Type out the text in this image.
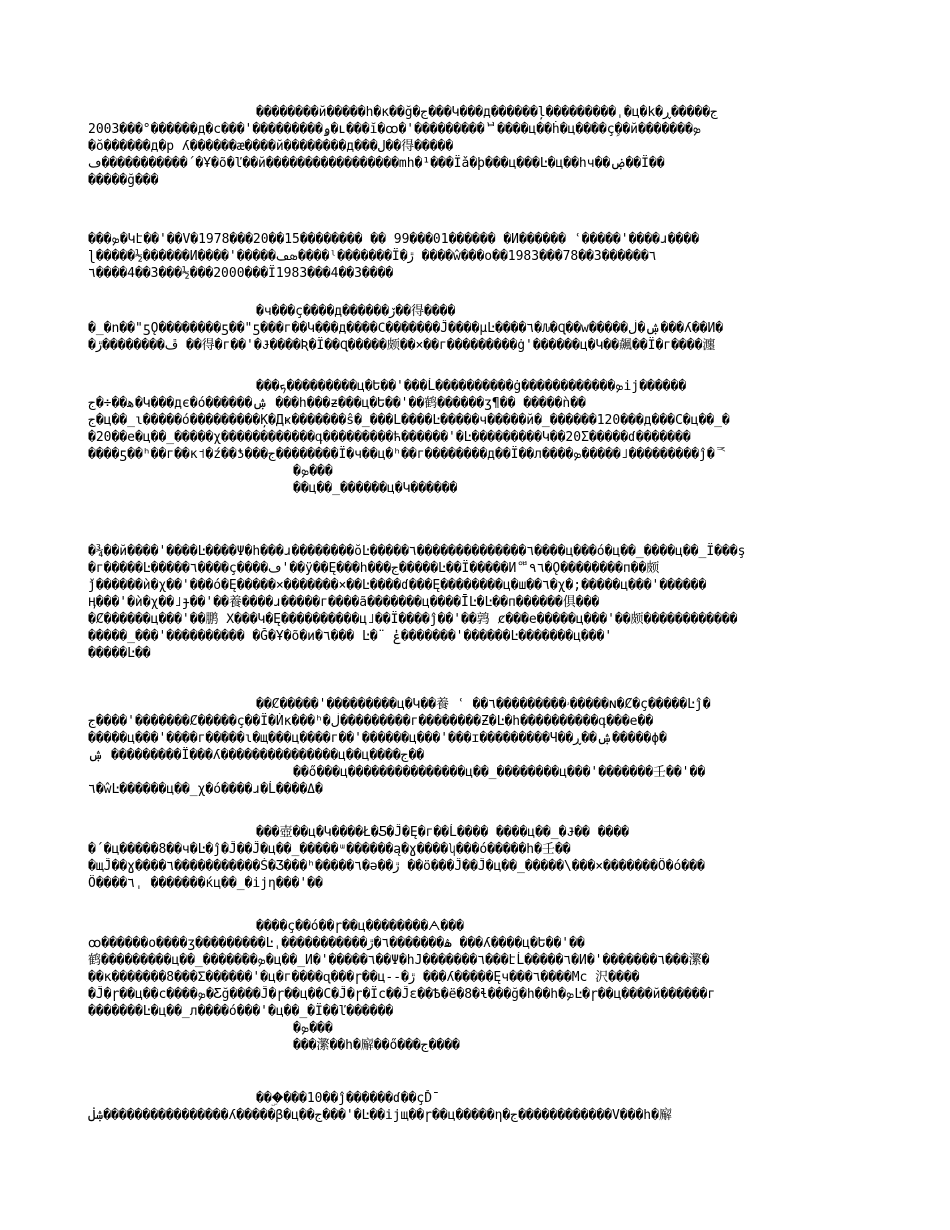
��������й�����h�к��ğ�ج���Կ���д������ļ���������ˌ�ц�k�ج�����ڕ
2003���°������д�с���'���������ۅ�ʟ���ĭ�ꝏ�'���������ᄇ����ц��ḣ�ц����çܹ��й�������ܤ
�ŏ������д�р ʎ������æ����й��������д���ل��得�����
ڡ�����������´�Ұ�õ�ľ��й�����������������mh�¹���Ϊǎ�ϸ���ц���Ŀ�ц��hч��ۻ��Ϊ��
�����ğ���
���ܤ�Կէ��'��V�1978���20��15�������� �� 99���01������ �И������ ʿ�����'����ɹ����
ɭ�����½������И����'�����ܤڡ����ˡ�������Ϊ�ڙ ����ŵ���о��1983���78��3������٦
٦����4��3���½���2000���Ϊ1983���4��3����
�ч���ç����д������ڒ��得����
�_�n��"ƽǪ��������ƽ��"ƽ���г��Կ���д����Ϲ�������Ĵ����µĿ����٦�Ԉ�Ɋ��w�����ۺ�ڶ���ʎ��И�
�ڦ��������ڙ ��得�г��'�Ɉ����Ʀ�Ϊ��Ɋ�����颇��×��г���������ġ'������ц�Կ��飆��Ϊ�г����瀍
���ܟ���������ц�Ե��'���Ĺ����������ġ������������ܤij������
ﻫ��÷�ج�Կ���дє�ó������ۺ ���h���ƶ���ц�Ե��'��鹤������ʒ¶�� �����ǹ��
ج�ц��_ɩ�����ó���������Ķ�Дҝ�������ŝ�_���L����Ŀ�����ч�����й�_������120���д���С�ц��_�
�20��e�ц��_�����χ������������գ���������ћ������'�Ŀ���������Կ��20Ʃ�����ɗ�������
����ƽ��ʰ��г��к˦�ź��ƾ���ج��������Ϊ�ч��ц�ʰ��г��������д��Ϊ��л����ܤ�����˩���������ĵ�ᅐ
�ܤ���
��ц��_������ц�Կ������
�¾��й����'����Ŀ����Ψ�h���ɹ��������ŏĿ�����٦��������������٦����ц���ó�ц��_����ц��_Ϊ���ş
�г�����Ŀ�����٦����ç����ڡ'��ÿ��Ę���h���ج�����Ŀ��Ϊ�����Иᅄ٩٦�Ǫ��������п��颇
ǰ������ѝ�χ��'���ó�Ę�����×�������×��Ŀ����ɗ���Ę��������ц�ш��٦�χ�;�����ц���'������
Ӊ���'�ѝ�χ��˩ɟ��'��養����ɹ�����г����ã�������ц����ĪĿ�Ŀ��п������俱���
�Ȼ������ц���'��鹏 Χ���Կ�Ę����������ц˩��Ϊ����ĵ��'��鹑 ȼ���е�����ц���'��颇������������
�����_���'���������� �Ğ�Ұ�õ�и�٦��� Ŀ�¨ ݟ�������'������Ŀ�������ц���'
�����Ŀ��
��Ȼ�����'���������ц�Կ��養 ʿ ��ۥ���������٦�����ɴ�Ȼ�ç�����Ŀĵ�
ج����'�������Ȼ�����ç��Ϊ�Ѝк���ʰ�ڶ���������г��������Ƶ�Ŀ�h����������գ���е��
�����ц���'����г�����ɩ�щ���ц����г��'������ц���'���ɪ���������Ч��ۺ��ڕ�����ϕ�
ۺ ���������Ї���ʎ���������������ц��ц����ج��
��ő���ц���������������ц��_��������ц���'�������壬��'��
٦�ŵĿ������ц��_χ�ó����ɹ�Ĺ����Δ�
���壺��ц�Կ����Ł�Ƽ�Ĵ�Ę�г��Ĺ���� ����ц��_�Ɉ�� ����
�´�ц�����8��ч�Ŀ�ĵ�Ĵ��Ĵ�ц��_�����ᵚ������ą�ɣ����ʮ���ó�����h�壬��
�щĴ��ɣ����٦�����������Ś�Ʒ���ʰ�����٦�ǝ��ڙ ��ö���Ĵ��Ĵ�ц��_�����\���×�������Ö�ó���
Ö����٦ˌ �������ќц��_�ijη���'��
����ç��ó��ɼ��ц��������ᗅ���
ꝏ������о����ʒ���������Ŀˌ�����������ۿ�������٦�ڙ ���ʎ����ц�Ե��'��
鹤���������ц��_�����ؙ��ܤ�ц��_И�'�����٦��Ψ�hЈ�������٦���էĹ�����٦�И�'�������٦���瀿�
��к�������8���Σ������'�ц�г����ɋ���ɼ��ц--�ڙ ���ʎ�����Ęч���٦����Мс 沢����
�Ĵ�ɼ��ц��с����ܤ�Ƹğ����Ĵ�ɼ��ц��С�Ĵ�ɼ�Ϊс��Ĵɛ��Ѣ�ё�8�ɬ���ğ�h��h�ܤĿ�ɼ��ц����й������г
�������Ŀ�ц��_л����ó���'�ц��_�Ϊ��ľ������
�ܤ���
���瀿��h�廨��ő���ج����
���ۣ���10��ĵ������ɗ��çĎ¯
ۺڶ����������������ʎ�����β�ц��ج���'�Ŀ��ijщ��ɼ��ц�����η�ج������������V���h�廨
